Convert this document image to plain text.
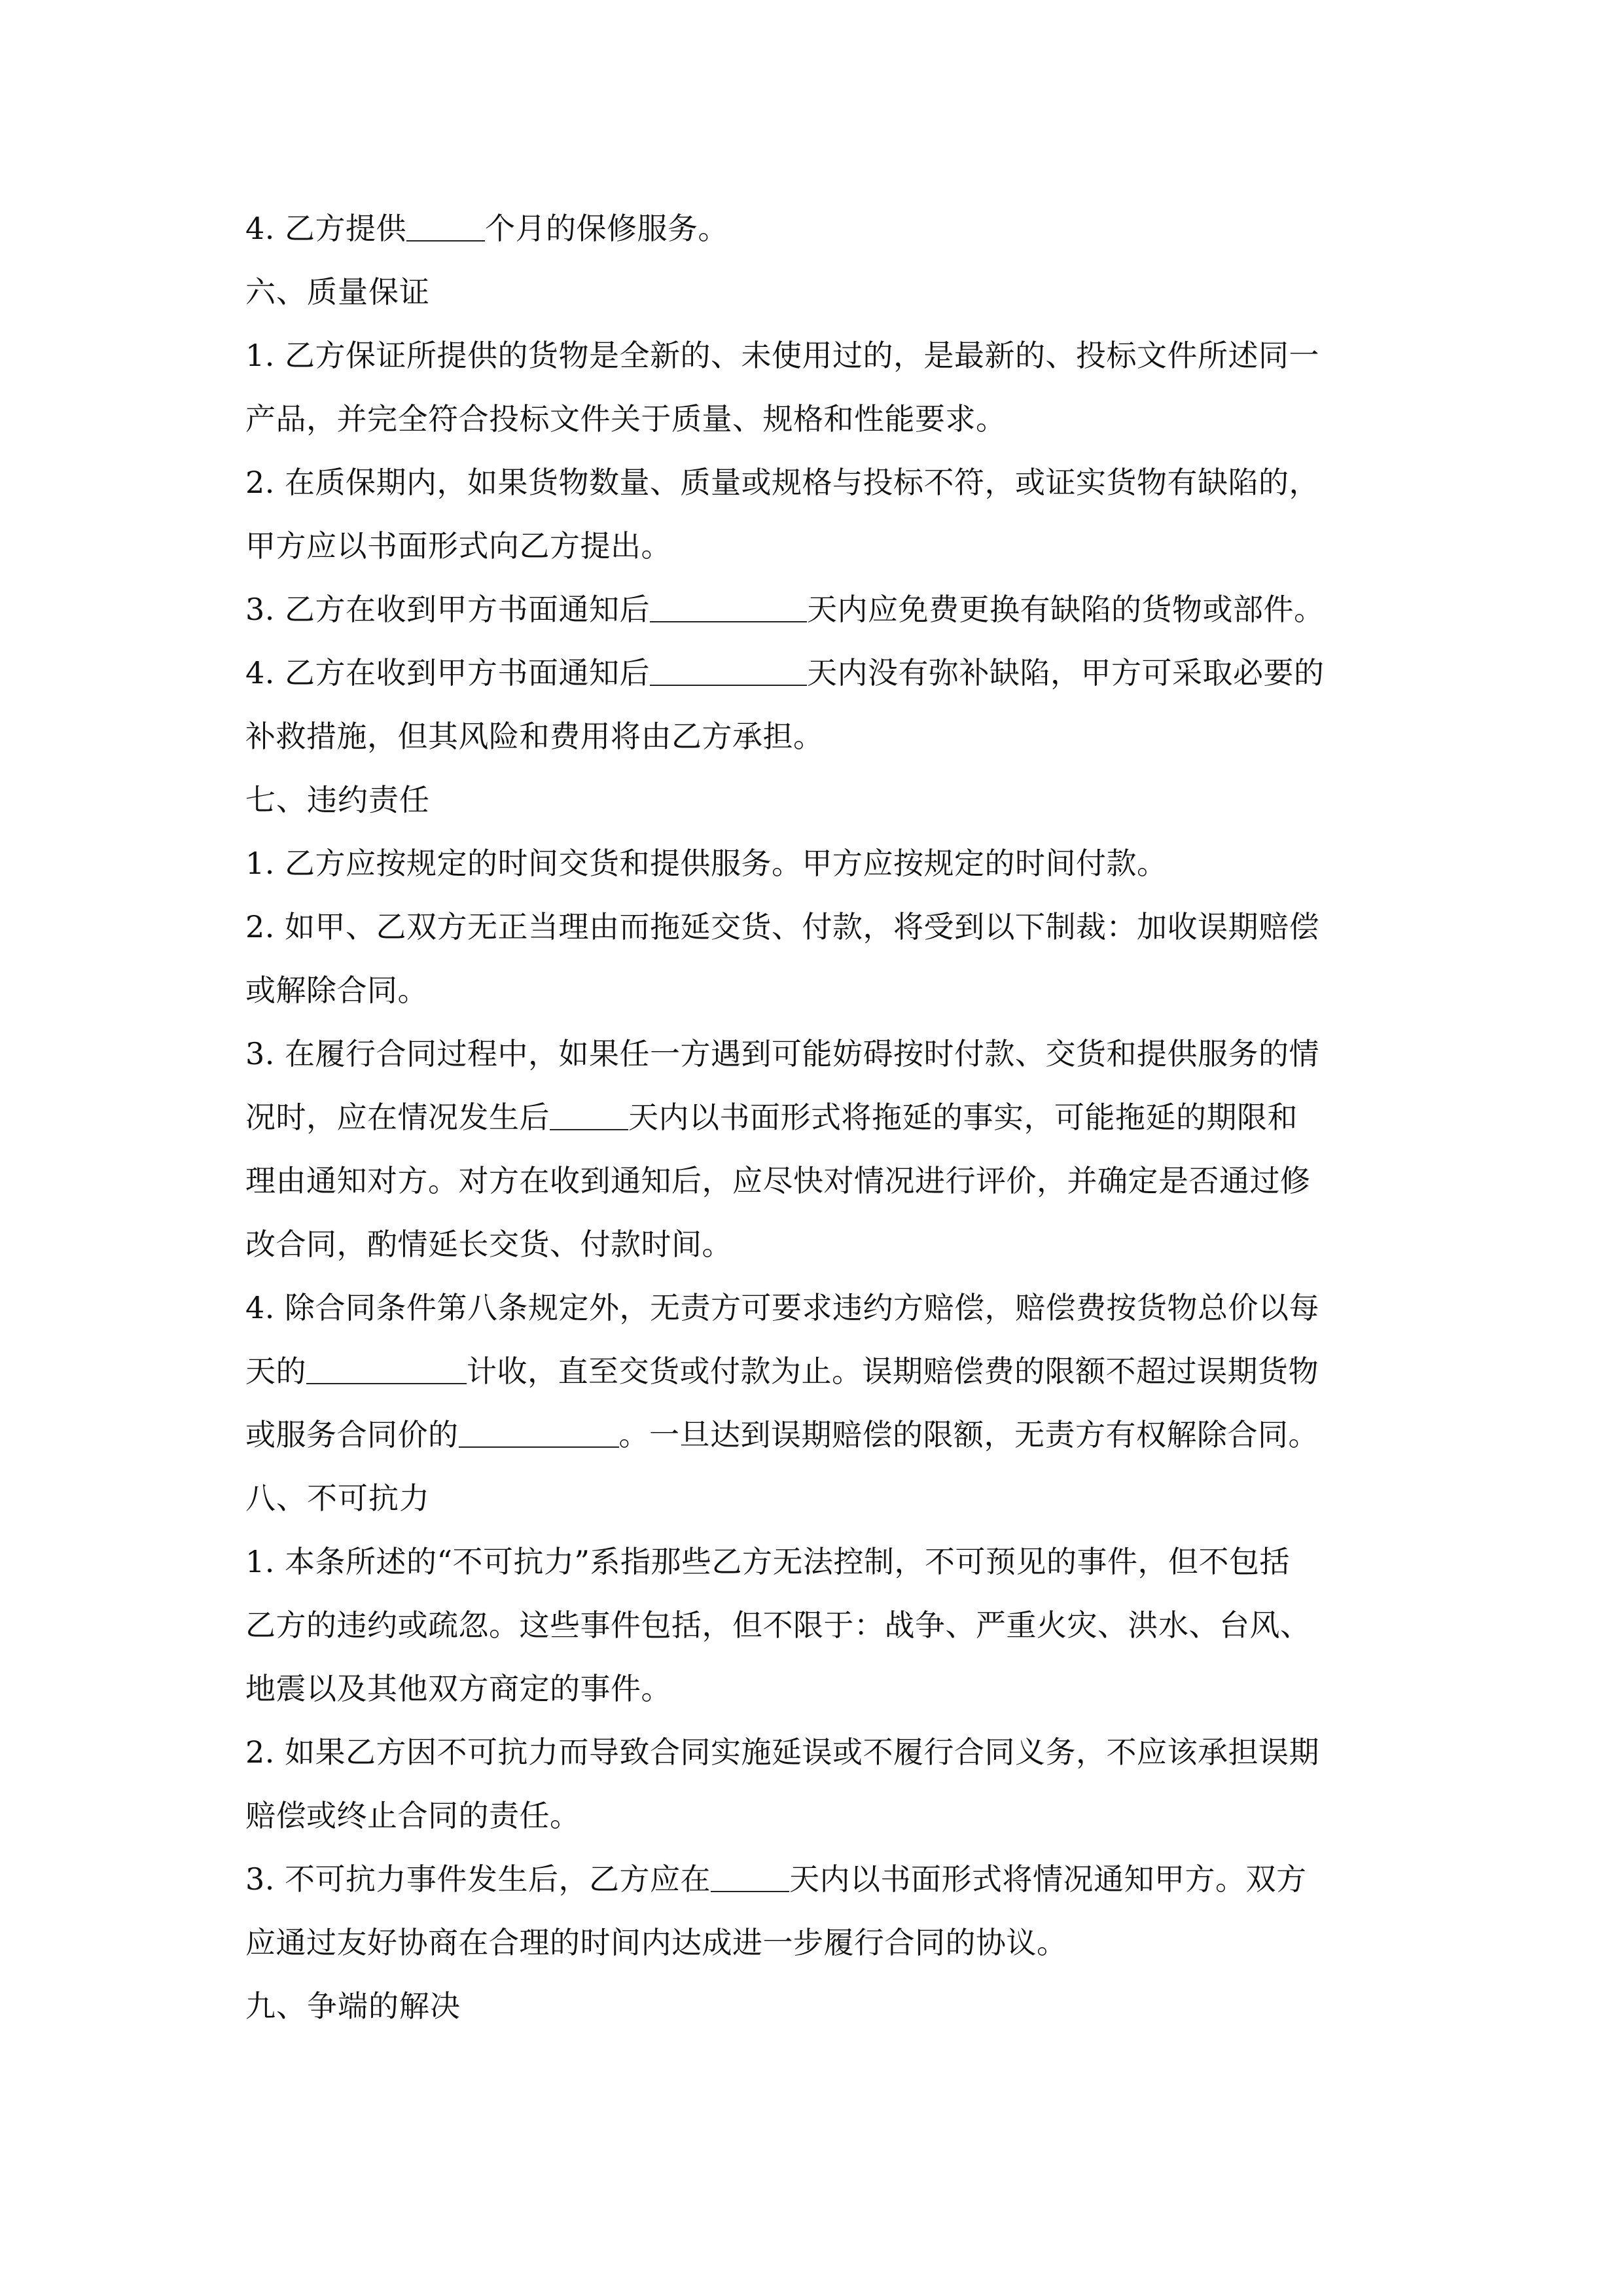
4. 乙方提供	个月的保修服务。
六、质量保证
1. 乙方保证所提供的货物是全新的、未使用过的，是最新的、投标文件所述同一
产品，并完全符合投标文件关于质量、规格和性能要求。
2. 在质保期内，如果货物数量、质量或规格与投标不符，或证实货物有缺陷的，
甲方应以书面形式向乙方提出。
3. 乙方在收到甲方书面通知后	天内应免费更换有缺陷的货物或部件。
4. 乙方在收到甲方书面通知后	天内没有弥补缺陷，甲方可采取必要的
补救措施，但其风险和费用将由乙方承担。
七、违约责任
1. 乙方应按规定的时间交货和提供服务。甲方应按规定的时间付款。
2. 如甲、乙双方无正当理由而拖延交货、付款，将受到以下制裁：加收误期赔偿
或解除合同。
3. 在履行合同过程中，如果任一方遇到可能妨碍按时付款、交货和提供服务的情
况时，应在情况发生后	天内以书面形式将拖延的事实，可能拖延的期限和
理由通知对方。对方在收到通知后，应尽快对情况进行评价，并确定是否通过修
改合同，酌情延长交货、付款时间。
4. 除合同条件第八条规定外，无责方可要求违约方赔偿，赔偿费按货物总价以每
天的	计收，直至交货或付款为止。误期赔偿费的限额不超过误期货物
或服务合同价的	。一旦达到误期赔偿的限额，无责方有权解除合同。
八、不可抗力
1. 本条所述的“不可抗力”系指那些乙方无法控制，不可预见的事件，但不包括
乙方的违约或疏忽。这些事件包括，但不限于：战争、严重火灾、洪水、台风、
地震以及其他双方商定的事件。
2. 如果乙方因不可抗力而导致合同实施延误或不履行合同义务，不应该承担误期
赔偿或终止合同的责任。
3. 不可抗力事件发生后，乙方应在	天内以书面形式将情况通知甲方。双方
应通过友好协商在合理的时间内达成进一步履行合同的协议。
九、争端的解决
